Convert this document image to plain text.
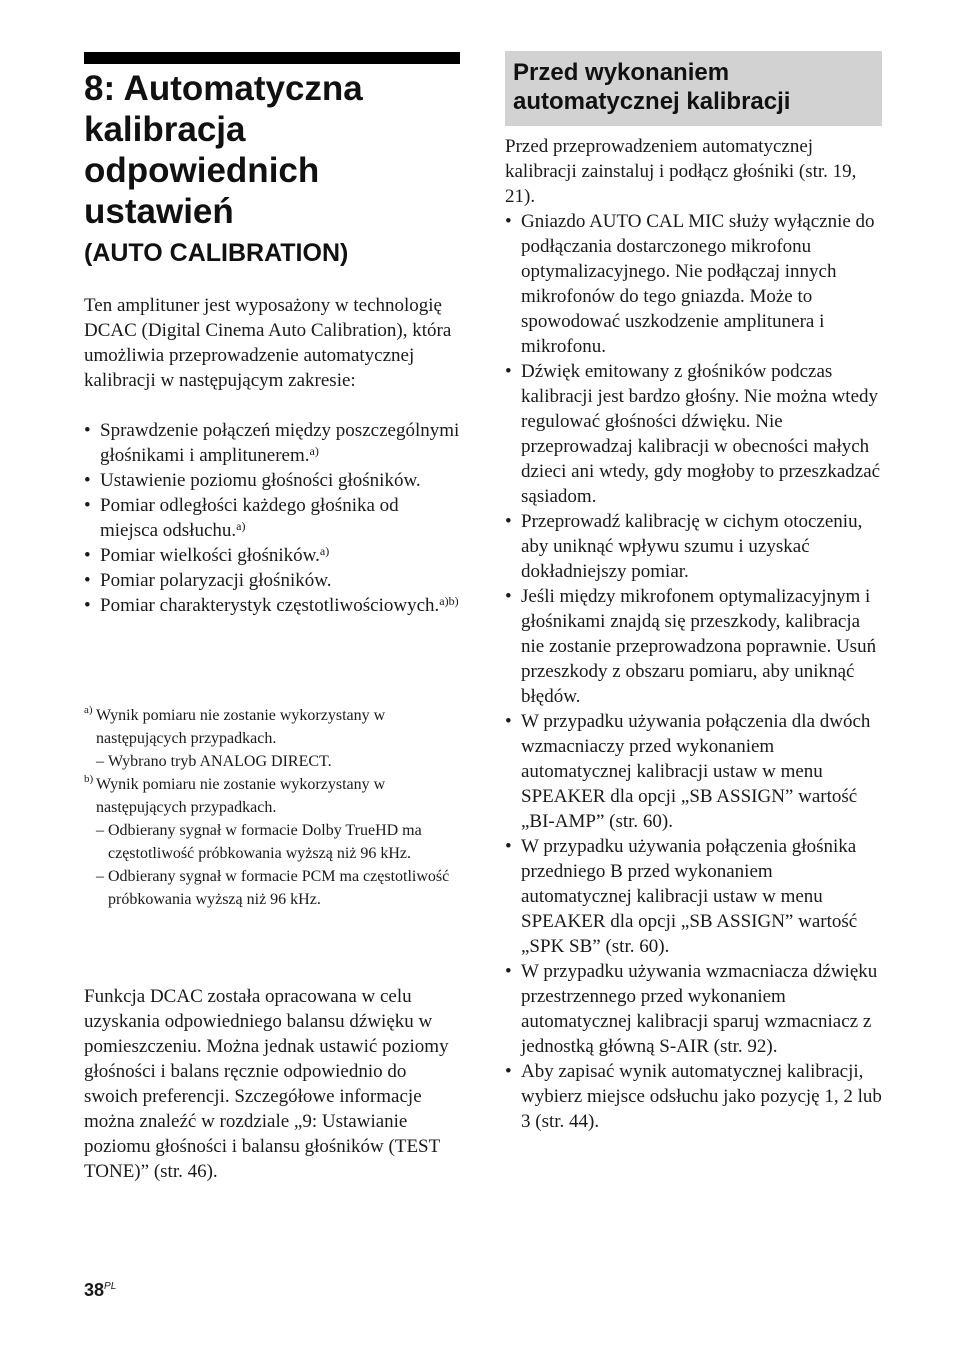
8: Automatyczna kalibracja odpowiednich ustawień
(AUTO CALIBRATION)

Ten amplituner jest wyposażony w technologię DCAC (Digital Cinema Auto Calibration), która umożliwia przeprowadzenie automatycznej kalibracji w następującym zakresie:

• Sprawdzenie połączeń między poszczególnymi głośnikami i amplitunerem.$^{a)}$
• Ustawienie poziomu głośności głośników.
• Pomiar odległości każdego głośnika od miejsca odsłuchu.$^{a)}$
• Pomiar wielkości głośników.$^{a)}$
• Pomiar polaryzacji głośników.
• Pomiar charakterystyk częstotliwościowych.$^{a)b)}$

a) Wynik pomiaru nie zostanie wykorzystany w następujących przypadkach.

– Wybrano tryb ANALOG DIRECT.

b) Wynik pomiaru nie zostanie wykorzystany w następujących przypadkach.

– Odbierany sygnał w formacie Dolby TrueHD ma częstotliwość próbkowania wyższą niż 96 kHz.

– Odbierany sygnał w formacie PCM ma częstotliwość próbkowania wyższą niż 96 kHz.

Funkcja DCAC została opracowana w celu uzyskania odpowiedniego balansu dźwięku w pomieszczeniu. Można jednak ustawić poziomy głośności i balans ręcznie odpowiednio do swoich preferencji. Szczegółowe informacje można znaleźć w rozdziale „9: Ustawianie poziomu głośności i balansu głośników (TEST TONE)” (str. 46).

Przed wykonaniem automatycznej kalibracji

Przed przeprowadzeniem automatycznej kalibracji zainstaluj i podłącz głośniki (str. 19, 21).

• Gniazdo AUTO CAL MIC służy wyłącznie do podłączania dostarczonego mikrofonu optymalizacyjnego. Nie podłączaj innych mikrofonów do tego gniazda. Może to spowodować uszkodzenie amplitunera i mikrofonu.
• Dźwięk emitowany z głośników podczas kalibracji jest bardzo głośny. Nie można wtedy regulować głośności dźwięku. Nie przeprowadzaj kalibracji w obecności małych dzieci ani wtedy, gdy mogłoby to przeszkadzać sąsiadom.
• Przeprowadź kalibrację w cichym otoczeniu, aby uniknąć wpływu szumu i uzyskać dokładniejszy pomiar.
• Jeśli między mikrofonem optymalizacyjnym i głośnikami znajdą się przeszkody, kalibracja nie zostanie przeprowadzona poprawnie. Usuń przeszkody z obszaru pomiaru, aby uniknąć błędów.
• W przypadku używania połączenia dla dwóch wzmacniaczy przed wykonaniem automatycznej kalibracji ustaw w menu SPEAKER dla opcji „SB ASSIGN” wartość „BI-AMP” (str. 60).
• W przypadku używania połączenia głośnika przedniego B przed wykonaniem automatycznej kalibracji ustaw w menu SPEAKER dla opcji „SB ASSIGN” wartość „SPK SB” (str. 60).
• W przypadku używania wzmacniacza dźwięku przestrzennego przed wykonaniem automatycznej kalibracji sparuj wzmacniacz z jednostką główną S-AIR (str. 92).
• Aby zapisać wynik automatycznej kalibracji, wybierz miejsce odsłuchu jako pozycję 1, 2 lub 3 (str. 44).
$38^{PL}$
